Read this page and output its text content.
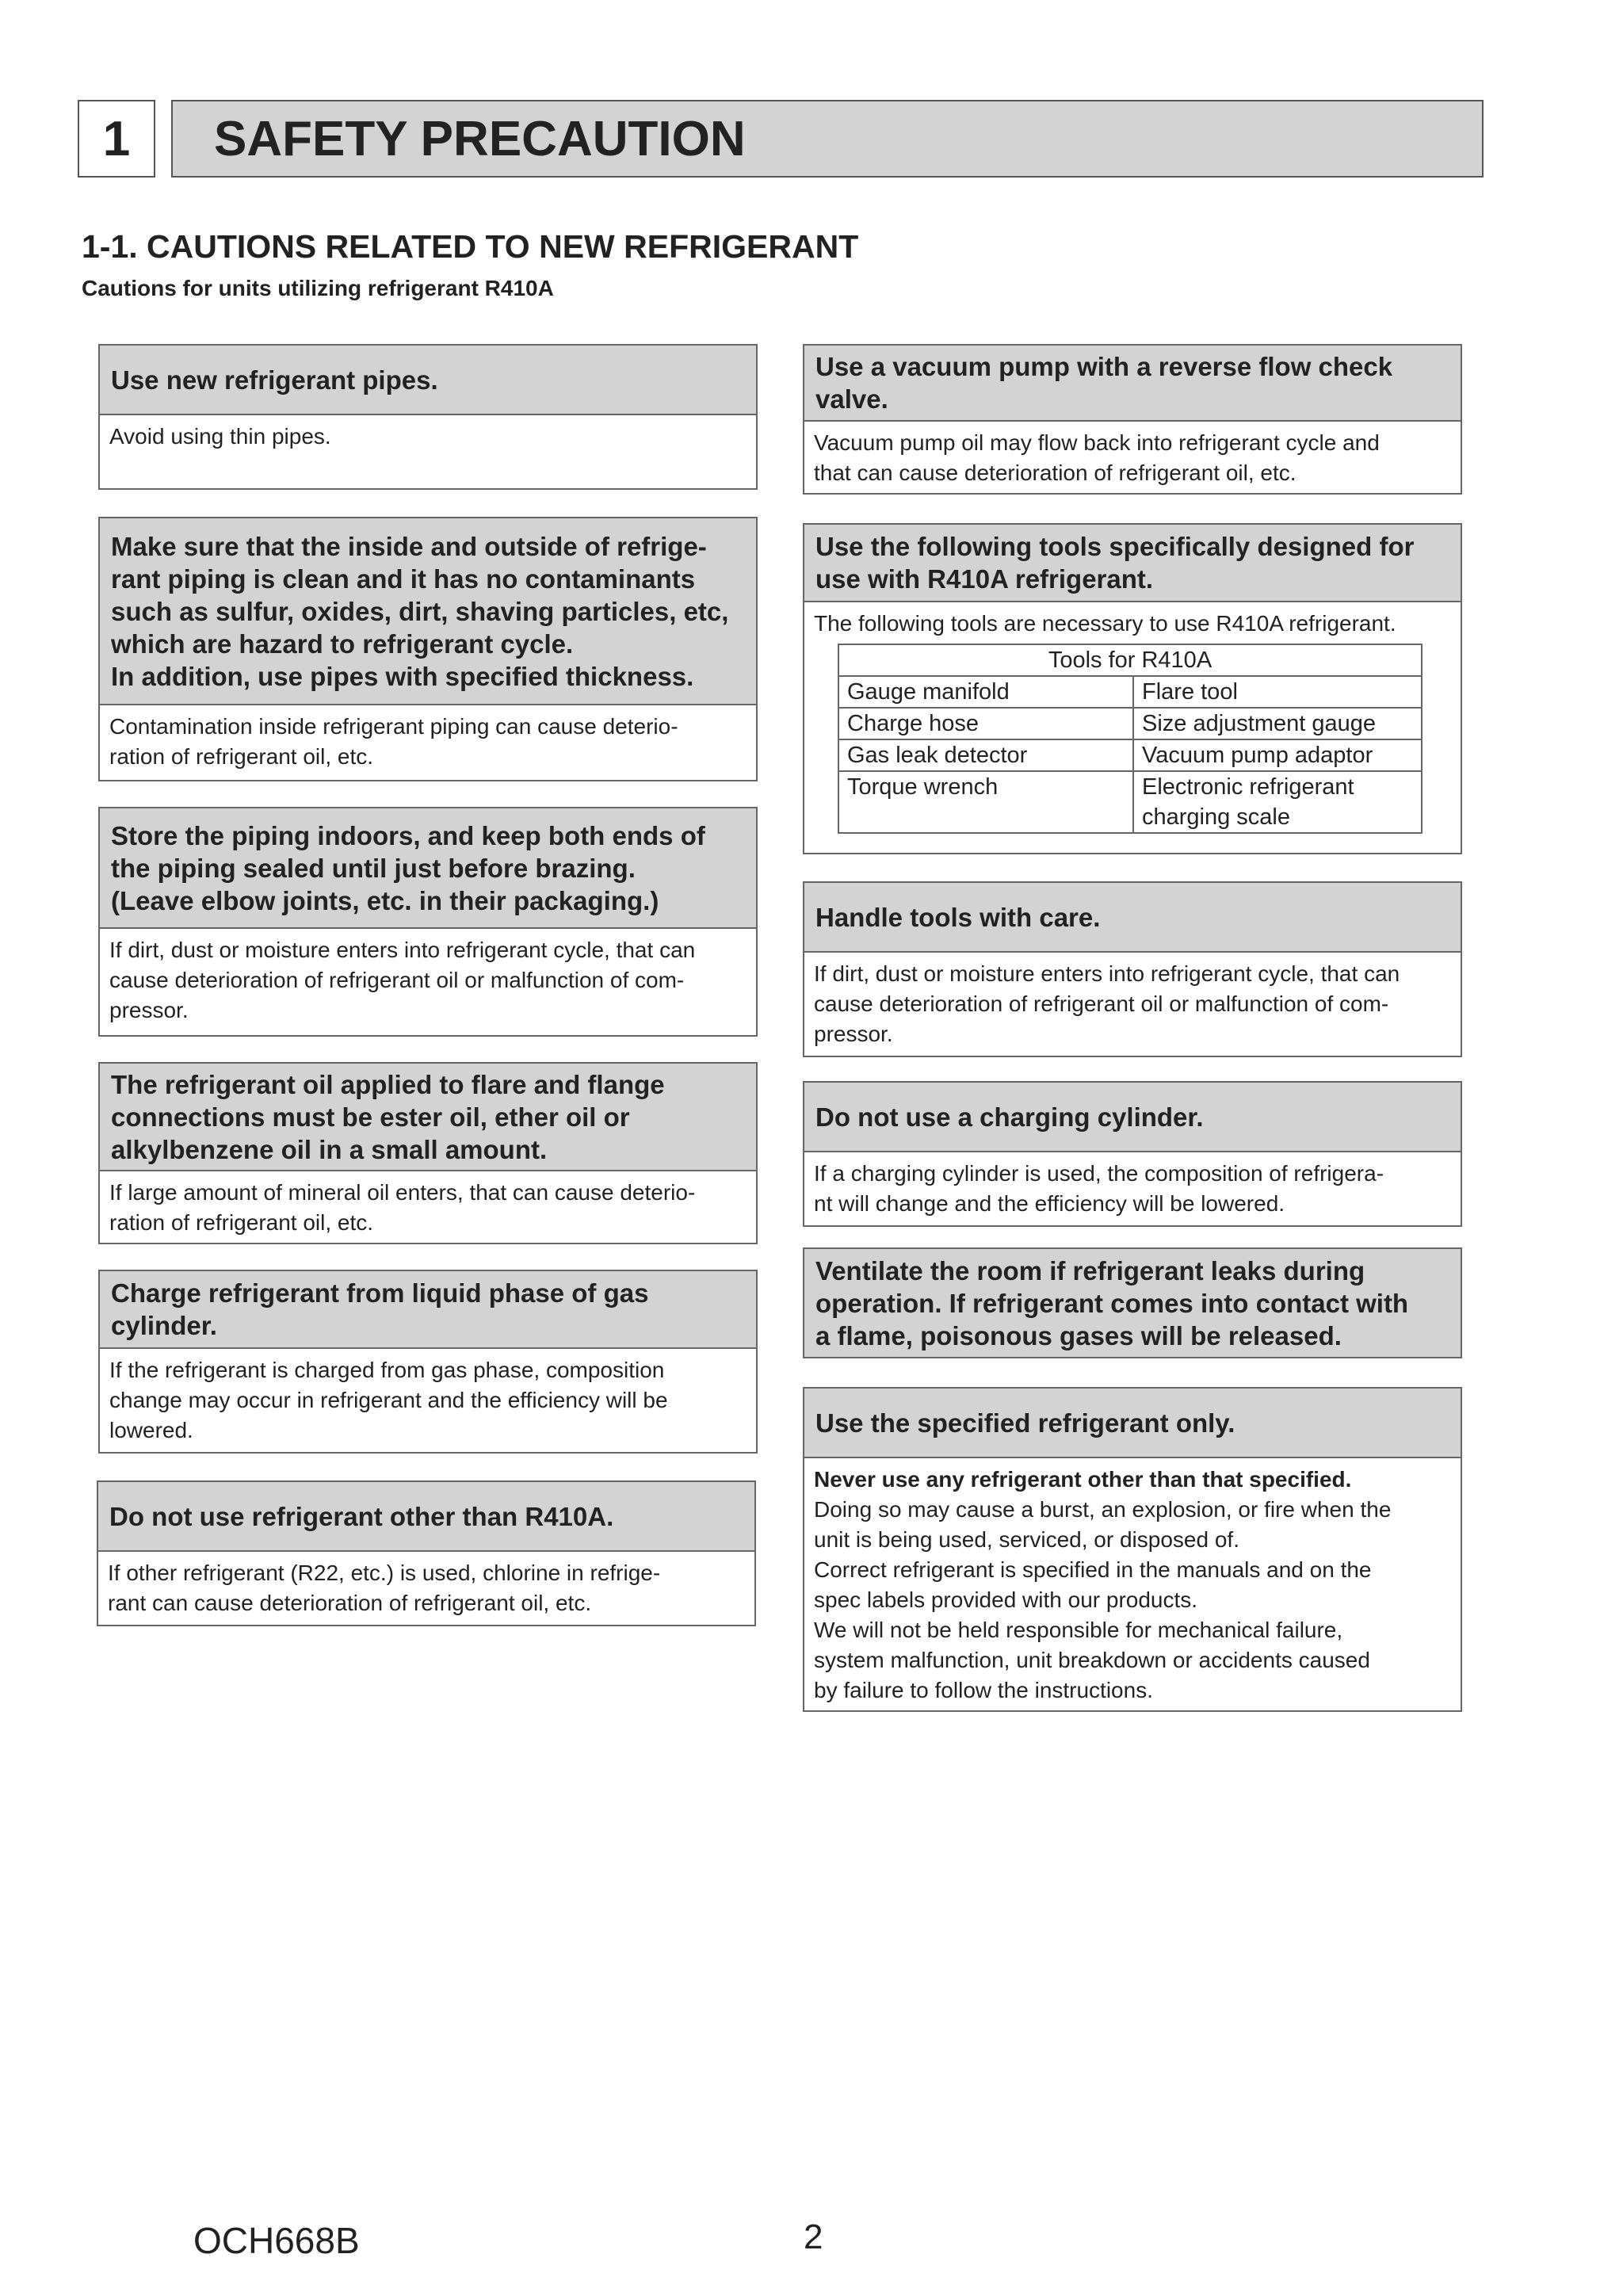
1	SAFETY PRECAUTION
1-1. CAUTIONS RELATED TO NEW REFRIGERANT
Cautions for units utilizing refrigerant R410A
Use new refrigerant pipes.
Avoid using thin pipes.
Make sure that the inside and outside of refrige-
rant piping is clean and it has no contaminants
such as sulfur, oxides, dirt, shaving particles, etc,
which are hazard to refrigerant cycle.
In addition, use pipes with specified thickness.
Contamination inside refrigerant piping can cause deterio-
ration of refrigerant oil, etc.
Store the piping indoors, and keep both ends of
the piping sealed until just before brazing.
(Leave elbow joints, etc. in their packaging.)
If dirt, dust or moisture enters into refrigerant cycle, that can
cause deterioration of refrigerant oil or malfunction of com-
pressor.
The refrigerant oil applied to flare and flange
connections must be ester oil, ether oil or
alkylbenzene oil in a small amount.
If large amount of mineral oil enters, that can cause deterio-
ration of refrigerant oil, etc.
Charge refrigerant from liquid phase of gas
cylinder.
If the refrigerant is charged from gas phase, composition
change may occur in refrigerant and the efficiency will be
lowered.
Do not use refrigerant other than R410A.
If other refrigerant (R22, etc.) is used, chlorine in refrige-
rant can cause deterioration of refrigerant oil, etc.
Use a vacuum pump with a reverse flow check
valve.
Vacuum pump oil may flow back into refrigerant cycle and
that can cause deterioration of refrigerant oil, etc.
Use the following tools specifically designed for
use with R410A refrigerant.
The following tools are necessary to use R410A refrigerant.
Tools for R410A	
Gauge manifold	Flare tool
Charge hose	Size adjustment gauge
Gas leak detector	Vacuum pump adaptor
Torque wrench	Electronic refrigerant
charging scale
Handle tools with care.
If dirt, dust or moisture enters into refrigerant cycle, that can
cause deterioration of refrigerant oil or malfunction of com-
pressor.
Do not use a charging cylinder.
If a charging cylinder is used, the composition of refrigera-
nt will change and the efficiency will be lowered.
Ventilate the room if refrigerant leaks during
operation. If refrigerant comes into contact with
a flame, poisonous gases will be released.
Use the specified refrigerant only.
Never use any refrigerant other than that specified.
Doing so may cause a burst, an explosion, or fire when the
unit is being used, serviced, or disposed of.
Correct refrigerant is specified in the manuals and on the
spec labels provided with our products.
We will not be held responsible for mechanical failure,
system malfunction, unit breakdown or accidents caused
by failure to follow the instructions.
OCH668B	2
